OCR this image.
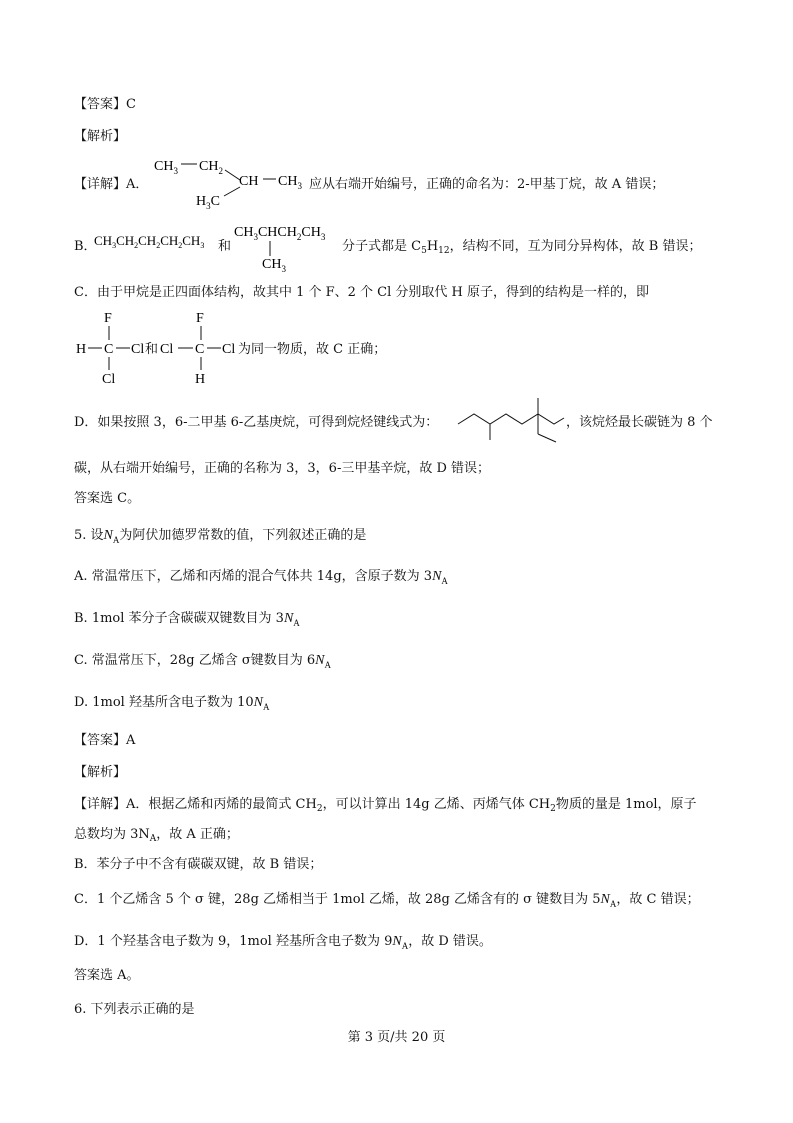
【答案】C
【解析】
【详解】A．
$CH_3$ $CH_2$
CH $CH_3$
$H_3C$
应从右端开始编号，正确的命名为：2-甲基丁烷，故 A 错误；
B．
$CH_3CH_2CH_2CH_2CH_3$ 和
$CH_3CHCH_2CH_3$
$CH_3$
分子式都是 $C_5H_{12}$，结构不同，互为同分异构体，故 B 错误；
C．由于甲烷是正四面体结构，故其中 1 个 F、2 个 Cl 分别取代 H 原子，得到的结构是一样的，即
F
H C Cl
Cl
和
F
Cl C Cl
H
为同一物质，故 C 正确；
D．如果按照 3，6-二甲基 6-乙基庚烷，可得到烷烃键线式为：	，该烷烃最长碳链为 8 个
碳，从右端开始编号，正确的名称为 3，3，6-三甲基辛烷，故 D 错误；
答案选 C。
5. 设$N_A$为阿伏加德罗常数的值，下列叙述正确的是
A. 常温常压下，乙烯和丙烯的混合气体共 14g，含原子数为 $3N_A$
B. 1mol 苯分子含碳碳双键数目为 $3N_A$
C. 常温常压下，28g 乙烯含 σ键数目为 $6N_A$
D. 1mol 羟基所含电子数为 $10N_A$
【答案】A
【解析】
【详解】A．根据乙烯和丙烯的最简式 $CH_2$，可以计算出 14g 乙烯、丙烯气体 $CH_2$物质的量是 1mol，原子
总数均为 $3N_A$，故 A 正确；
B．苯分子中不含有碳碳双键，故 B 错误；
C．1 个乙烯含 5 个 σ 键，28g 乙烯相当于 1mol 乙烯，故 28g 乙烯含有的 σ 键数目为 $5N_A$，故 C 错误；
D．1 个羟基含电子数为 9，1mol 羟基所含电子数为 $9N_A$，故 D 错误。
答案选 A。
6. 下列表示正确的是
第 3 页/共 20 页
